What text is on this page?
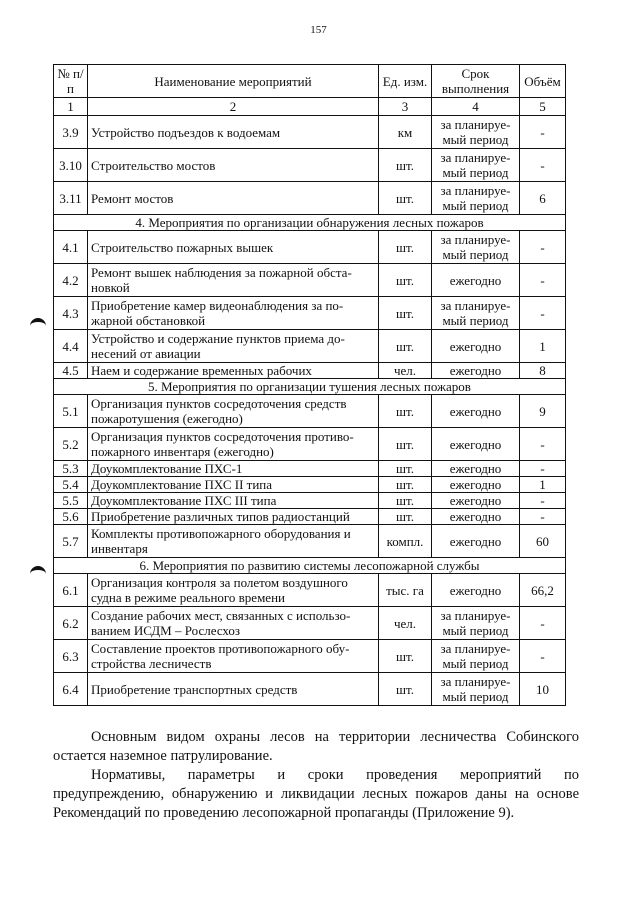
157
№ п/п	Наименование мероприятий	Ед. изм.	Срок выполнения	Объём
1	2	3	4	5
3.9	Устройство подъездов к водоемам	км	за планируе-мый период	-
3.10	Строительство мостов	шт.	за планируе-мый период	-
3.11	Ремонт мостов	шт.	за планируе-мый период	6
4. Мероприятия по организации обнаружения лесных пожаров				
4.1	Строительство пожарных вышек	шт.	за планируе-мый период	-
4.2	Ремонт вышек наблюдения за пожарной обста-новкой	шт.	ежегодно	-
4.3	Приобретение камер видеонаблюдения за по-жарной обстановкой	шт.	за планируе-мый период	-
4.4	Устройство и содержание пунктов приема до-несений от авиации	шт.	ежегодно	1
4.5	Наем и содержание временных рабочих	чел.	ежегодно	8
5. Мероприятия по организации тушения лесных пожаров				
5.1	Организация пунктов сосредоточения средств пожаротушения (ежегодно)	шт.	ежегодно	9
5.2	Организация пунктов сосредоточения противо-пожарного инвентаря (ежегодно)	шт.	ежегодно	-
5.3	Доукомплектование ПХС-1	шт.	ежегодно	-
5.4	Доукомплектование ПХС II типа	шт.	ежегодно	1
5.5	Доукомплектование ПХС III типа	шт.	ежегодно	-
5.6	Приобретение различных типов радиостанций	шт.	ежегодно	-
5.7	Комплекты противопожарного оборудования и инвентаря	компл.	ежегодно	60
6. Мероприятия по развитию системы лесопожарной службы				
6.1	Организация контроля за полетом воздушного судна в режиме реального времени	тыс. га	ежегодно	66,2
6.2	Создание рабочих мест, связанных с использо-ванием ИСДМ – Рослесхоз	чел.	за планируе-мый период	-
6.3	Составление проектов противопожарного обу-стройства лесничеств	шт.	за планируе-мый период	-
6.4	Приобретение транспортных средств	шт.	за планируе-мый период	10
Основным видом охраны лесов на территории лесничества Собинского остается наземное патрулирование.
Нормативы, параметры и сроки проведения мероприятий по предупреждению, обнаружению и ликвидации лесных пожаров даны на основе Рекомендаций по проведению лесопожарной пропаганды (Приложение 9).
